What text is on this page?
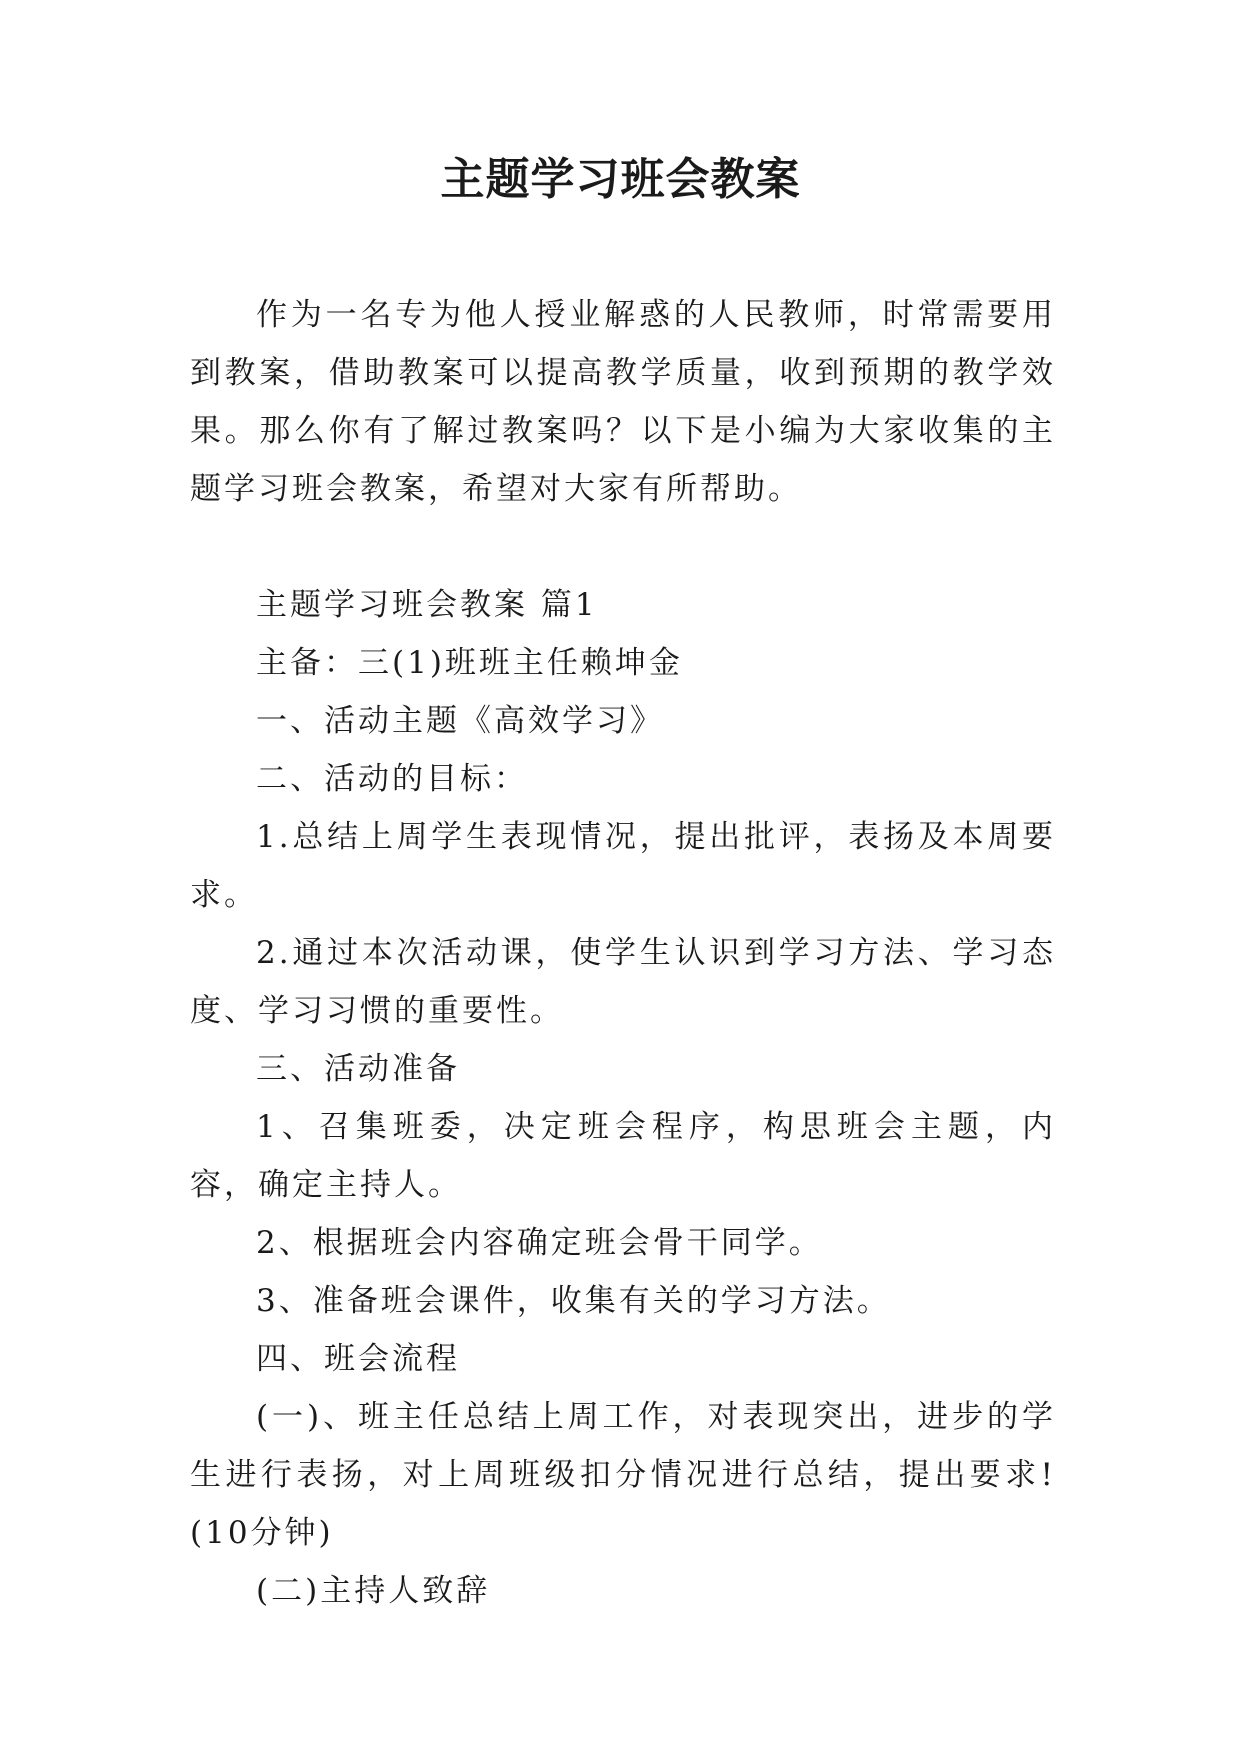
主题学习班会教案

作为一名专为他人授业解惑的人民教师，时常需要用到教案，借助教案可以提高教学质量，收到预期的教学效果。那么你有了解过教案吗？以下是小编为大家收集的主题学习班会教案，希望对大家有所帮助。

主题学习班会教案 篇1

主备：三(1)班班主任赖坤金

一、活动主题《高效学习》

二、活动的目标：

1.总结上周学生表现情况，提出批评，表扬及本周要求。

2.通过本次活动课，使学生认识到学习方法、学习态度、学习习惯的重要性。

三、活动准备

1、召集班委，决定班会程序，构思班会主题，内容，确定主持人。

2、根据班会内容确定班会骨干同学。

3、准备班会课件，收集有关的学习方法。

四、班会流程

(一)、班主任总结上周工作，对表现突出，进步的学生进行表扬，对上周班级扣分情况进行总结，提出要求!(10分钟)

(二)主持人致辞
